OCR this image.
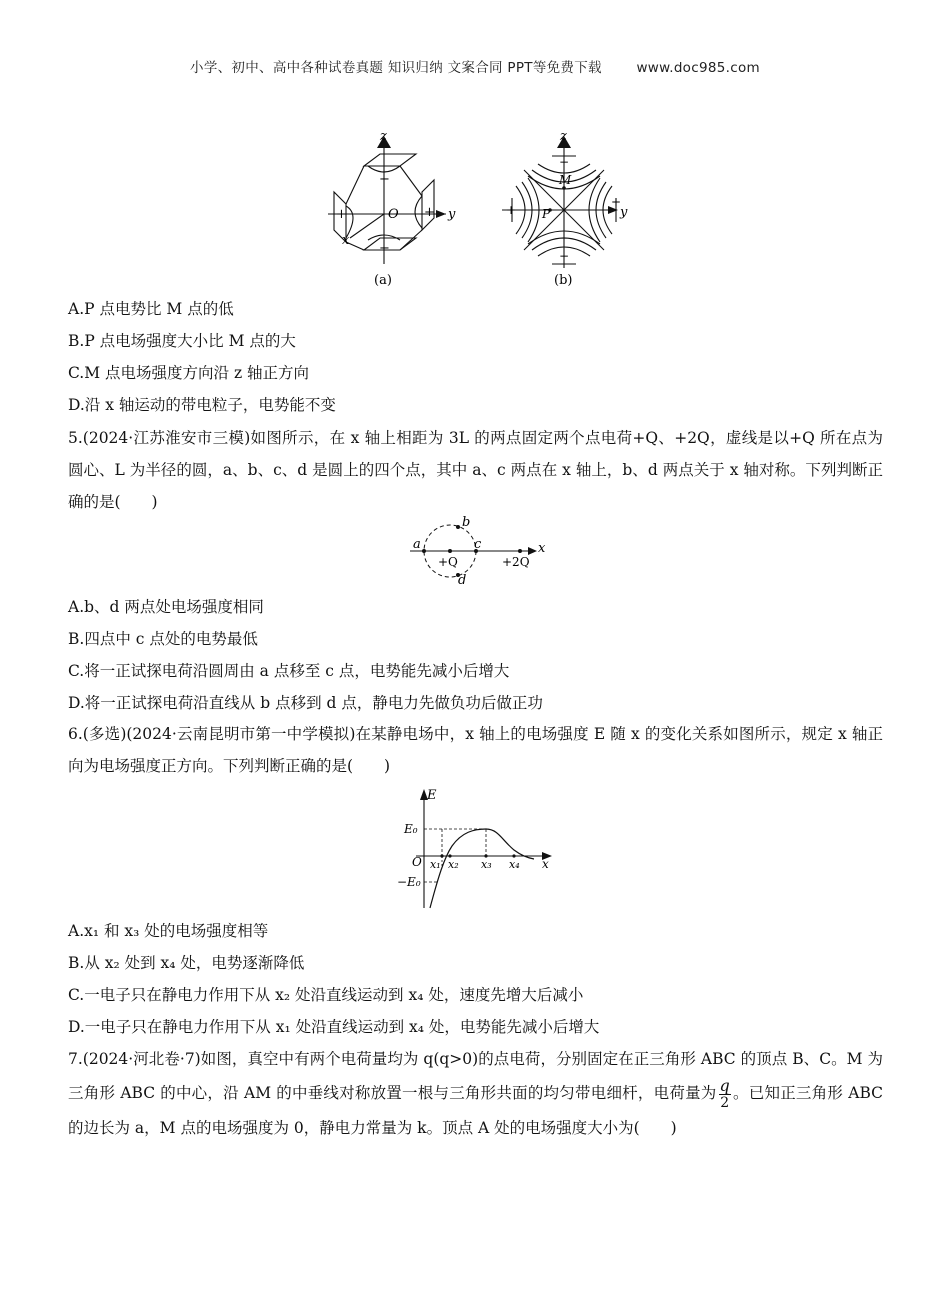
小学、初中、高中各种试卷真题 知识归纳 文案合同 PPT等免费下载	www.doc985.com
z
y
x
O
−
−
+	+
(a)
z
y
M
P
−
−
+
+
(b)
A.P 点电势比 M 点的低
B.P 点电场强度大小比 M 点的大
C.M 点电场强度方向沿 z 轴正方向
D.沿 x 轴运动的带电粒子，电势能不变
5.(2024·江苏淮安市三模)如图所示，在 x 轴上相距为 3L 的两点固定两个点电荷+Q、+2Q，虚线是以+Q 所在点为圆心、L 为半径的圆，a、b、c、d 是圆上的四个点，其中 a、c 两点在 x 轴上，b、d 两点关于 x 轴对称。下列判断正确的是(　　)
a
b
c
d
+Q	+2Q
x
A.b、d 两点处电场强度相同
B.四点中 c 点处的电势最低
C.将一正试探电荷沿圆周由 a 点移至 c 点，电势能先减小后增大
D.将一正试探电荷沿直线从 b 点移到 d 点，静电力先做负功后做正功
6.(多选)(2024·云南昆明市第一中学模拟)在某静电场中，x 轴上的电场强度 E 随 x 的变化关系如图所示，规定 x 轴正向为电场强度正方向。下列判断正确的是(　　)
E
E₀
−E₀
O x₁ x₂ x₃ x₄ x
A.x₁ 和 x₃ 处的电场强度相等
B.从 x₂ 处到 x₄ 处，电势逐渐降低
C.一电子只在静电力作用下从 x₂ 处沿直线运动到 x₄ 处，速度先增大后减小
D.一电子只在静电力作用下从 x₁ 处沿直线运动到 x₄ 处，电势能先减小后增大
7.(2024·河北卷·7)如图，真空中有两个电荷量均为 q(q>0)的点电荷，分别固定在正三角形 ABC 的顶点 B、C。M 为三角形 ABC 的中心，沿 AM 的中垂线对称放置一根与三角形共面的均匀带电细杆，电荷量为 $\frac{q}{2}$ 。已知正三角形 ABC 的边长为 a，M 点的电场强度为 0，静电力常量为 k。顶点 A 处的电场强度大小为(　　)
